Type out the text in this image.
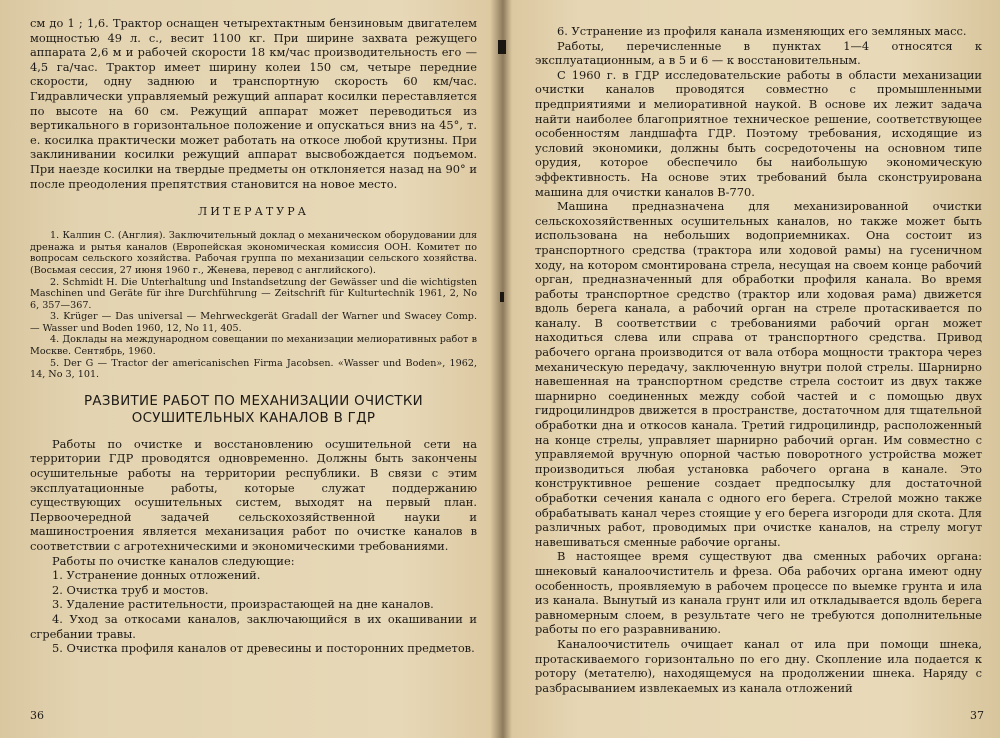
см до 1 ; 1,6. Трактор оснащен четырехтактным бензиновым двигателем мощностью 49 л. с., весит 1100 кг. При ширине захвата режущего аппарата 2,6 м и рабочей скорости 18 км/час производительность его — 4,5 га/час. Трактор имеет ширину колеи 150 см, четыре передние скорости, одну заднюю и транспортную скорость 60 км/час. Гидравлически управляемый режущий аппарат косилки переставляется по высоте на 60 см. Режущий аппарат может переводиться из вертикального в горизонтальное положение и опускаться вниз на 45°, т. е. косилка практически может работать на откосе любой крутизны. При заклинивании косилки режущий аппарат высвобождается подъемом. При наезде косилки на твердые предметы он отклоняется назад на 90° и после преодоления препятствия становится на новое место.

ЛИТЕРАТУРА

1. Калпин С. (Англия). Заключительный доклад о механическом оборудовании для дренажа и рытья каналов (Европейская экономическая комиссия ООН. Комитет по вопросам сельского хозяйства. Рабочая группа по механизации сельского хозяйства. (Восьмая сессия, 27 июня 1960 г., Женева, перевод с английского).

2. Schmidt H. Die Unterhaltung und Instandsetzung der Gewässer und die wichtigsten Maschinen und Geräte für ihre Durchführung — Zeitschrift für Kulturtechnik 1961, 2, No 6, 357—367.

3. Krüger — Das universal — Mehrweckgerät Gradall der Warner und Swacey Comp. — Wasser und Boden 1960, 12, No 11, 405.

4. Доклады на международном совещании по механизации мелиоративных работ в Москве. Сентябрь, 1960.

5. Der G — Tractor der americanischen Firma Jacobsen. «Wasser und Boden», 1962, 14, No 3, 101.

РАЗВИТИЕ РАБОТ ПО МЕХАНИЗАЦИИ ОЧИСТКИ
ОСУШИТЕЛЬНЫХ КАНАЛОВ В ГДР

Работы по очистке и восстановлению осушительной сети на территории ГДР проводятся одновременно. Должны быть закончены осушительные работы на территории республики. В связи с этим эксплуатационные работы, которые служат поддержанию существующих осушительных систем, выходят на первый план. Первоочередной задачей сельскохозяйственной науки и машиностроения является механизация работ по очистке каналов в соответствии с агротехническими и экономическими требованиями.

Работы по очистке каналов следующие:

1. Устранение донных отложений.

2. Очистка труб и мостов.

3. Удаление растительности, произрастающей на дне каналов.

4. Уход за откосами каналов, заключающийся в их окашивании и сгребании травы.

5. Очистка профиля каналов от древесины и посторонних предметов.

36

6. Устранение из профиля канала изменяющих его земляных масс.

Работы, перечисленные в пунктах 1—4 относятся к эксплуатационным, а в 5 и 6 — к восстановительным.

С 1960 г. в ГДР исследовательские работы в области механизации очистки каналов проводятся совместно с промышленными предприятиями и мелиоративной наукой. В основе их лежит задача найти наиболее благоприятное техническое решение, соответствующее особенностям ландшафта ГДР. Поэтому требования, исходящие из условий экономики, должны быть сосредоточены на основном типе орудия, которое обеспечило бы наибольшую экономическую эффективность. На основе этих требований была сконструирована машина для очистки каналов В-770.

Машина предназначена для механизированной очистки сельскохозяйственных осушительных каналов, но также может быть использована на небольших водоприемниках. Она состоит из транспортного средства (трактора или ходовой рамы) на гусеничном ходу, на котором смонтирована стрела, несущая на своем конце рабочий орган, предназначенный для обработки профиля канала. Во время работы транспортное средство (трактор или ходовая рама) движется вдоль берега канала, а рабочий орган на стреле протаскивается по каналу. В соответствии с требованиями рабочий орган может находиться слева или справа от транспортного средства. Привод рабочего органа производится от вала отбора мощности трактора через механическую передачу, заключенную внутри полой стрелы. Шарнирно навешенная на транспортном средстве стрела состоит из двух также шарнирно соединенных между собой частей и с помощью двух гидроцилиндров движется в пространстве, достаточном для тщательной обработки дна и откосов канала. Третий гидроцилиндр, расположенный на конце стрелы, управляет шарнирно рабочий орган. Им совместно с управляемой вручную опорной частью поворотного устройства может производиться любая установка рабочего органа в канале. Это конструктивное решение создает предпосылку для достаточной обработки сечения канала с одного его берега. Стрелой можно также обрабатывать канал через стоящие у его берега изгороди для скота. Для различных работ, проводимых при очистке каналов, на стрелу могут навешиваться сменные рабочие органы.

В настоящее время существуют два сменных рабочих органа: шнековый каналоочиститель и фреза. Оба рабочих органа имеют одну особенность, проявляемую в рабочем процессе по выемке грунта и ила из канала. Вынутый из канала грунт или ил откладывается вдоль берега равномерным слоем, в результате чего не требуются дополнительные работы по его разравниванию.

Каналоочиститель очищает канал от ила при помощи шнека, протаскиваемого горизонтально по его дну. Скопление ила подается к ротору (метателю), находящемуся на продолжении шнека. Наряду с разбрасыванием извлекаемых из канала отложений

37
